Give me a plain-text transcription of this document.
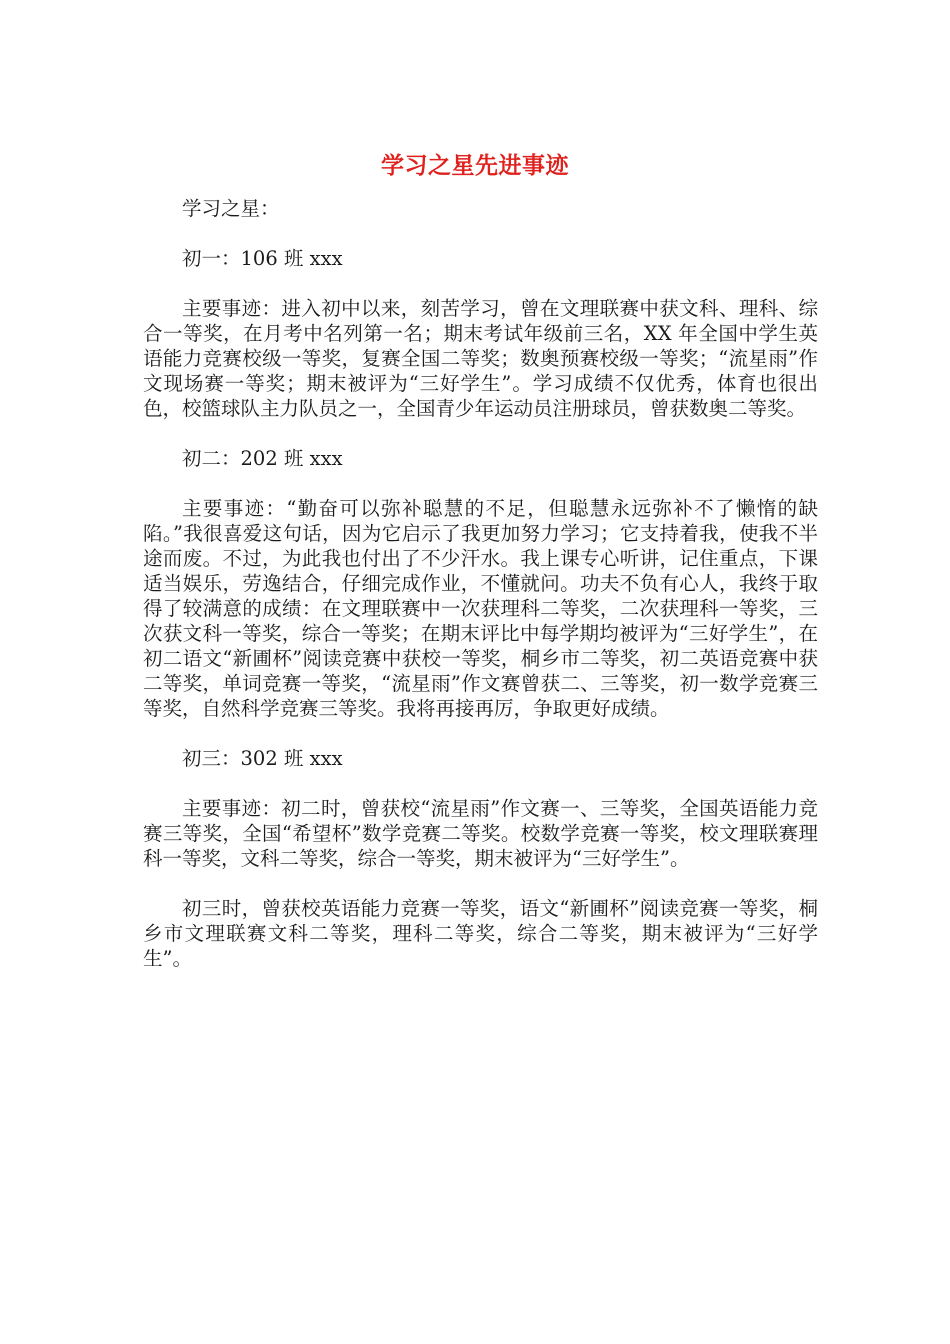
学习之星先进事迹

学习之星：

初一：106 班 xxx

主要事迹：进入初中以来，刻苦学习，曾在文理联赛中获文科、理科、综合一等奖，在月考中名列第一名；期末考试年级前三名，XX 年全国中学生英语能力竞赛校级一等奖，复赛全国二等奖；数奥预赛校级一等奖；“流星雨”作文现场赛一等奖；期末被评为“三好学生”。学习成绩不仅优秀，体育也很出色，校篮球队主力队员之一，全国青少年运动员注册球员，曾获数奥二等奖。

初二：202 班 xxx

主要事迹：“勤奋可以弥补聪慧的不足，但聪慧永远弥补不了懒惰的缺陷。”我很喜爱这句话，因为它启示了我更加努力学习；它支持着我，使我不半途而废。不过，为此我也付出了不少汗水。我上课专心听讲，记住重点，下课适当娱乐，劳逸结合，仔细完成作业，不懂就问。功夫不负有心人，我终于取得了较满意的成绩：在文理联赛中一次获理科二等奖，二次获理科一等奖，三次获文科一等奖，综合一等奖；在期末评比中每学期均被评为“三好学生”，在初二语文“新圃杯”阅读竞赛中获校一等奖，桐乡市二等奖，初二英语竞赛中获二等奖，单词竞赛一等奖，“流星雨”作文赛曾获二、三等奖，初一数学竞赛三等奖，自然科学竞赛三等奖。我将再接再厉，争取更好成绩。

初三：302 班 xxx

主要事迹：初二时，曾获校“流星雨”作文赛一、三等奖，全国英语能力竞赛三等奖，全国“希望杯”数学竞赛二等奖。校数学竞赛一等奖，校文理联赛理科一等奖，文科二等奖，综合一等奖，期末被评为“三好学生”。

初三时，曾获校英语能力竞赛一等奖，语文“新圃杯”阅读竞赛一等奖，桐乡市文理联赛文科二等奖，理科二等奖，综合二等奖，期末被评为“三好学生”。
